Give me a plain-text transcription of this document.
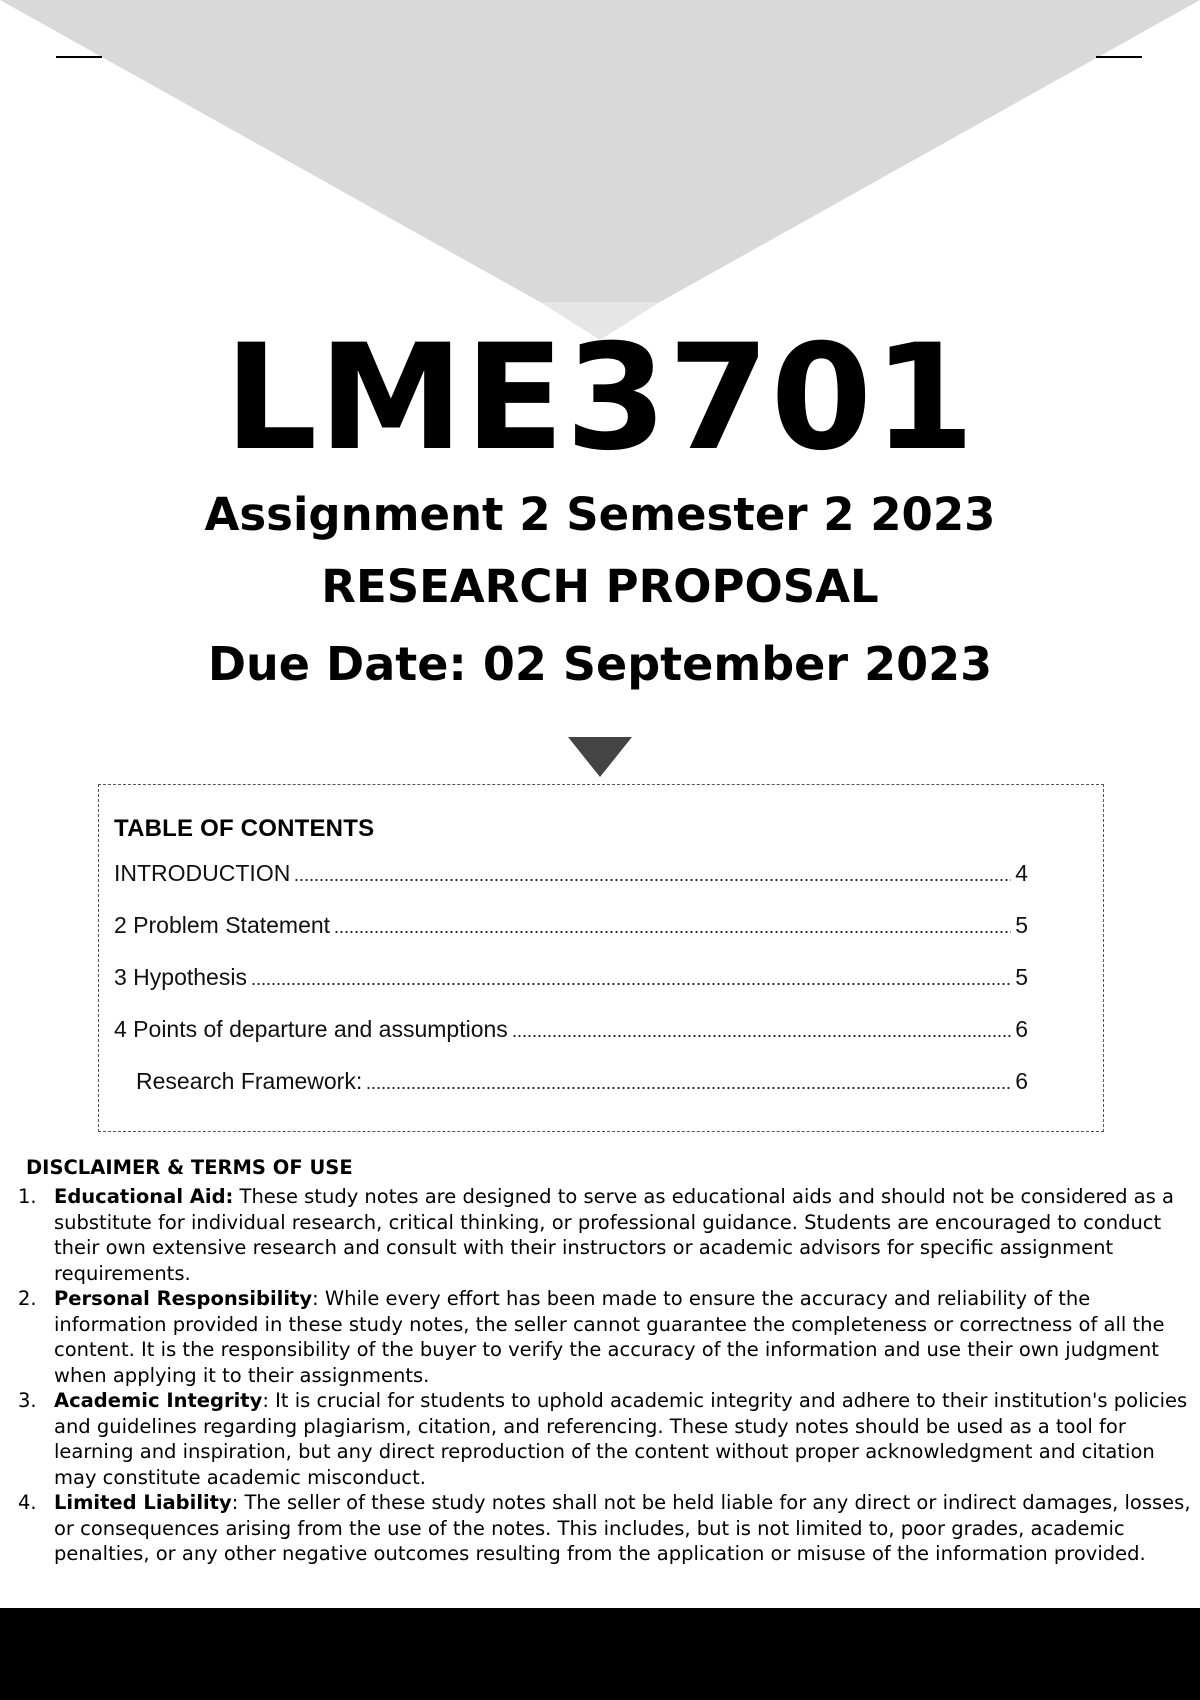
LME3701
Assignment 2 Semester 2 2023
RESEARCH PROPOSAL
Due Date: 02 September 2023
TABLE OF CONTENTS
INTRODUCTION	4
2 Problem Statement	5
3 Hypothesis	5
4 Points of departure and assumptions	6
Research Framework:	6
DISCLAIMER & TERMS OF USE
1. Educational Aid: These study notes are designed to serve as educational aids and should not be considered as a substitute for individual research, critical thinking, or professional guidance. Students are encouraged to conduct their own extensive research and consult with their instructors or academic advisors for specific assignment requirements.
2. Personal Responsibility: While every effort has been made to ensure the accuracy and reliability of the information provided in these study notes, the seller cannot guarantee the completeness or correctness of all the content. It is the responsibility of the buyer to verify the accuracy of the information and use their own judgment when applying it to their assignments.
3. Academic Integrity: It is crucial for students to uphold academic integrity and adhere to their institution's policies and guidelines regarding plagiarism, citation, and referencing. These study notes should be used as a tool for learning and inspiration, but any direct reproduction of the content without proper acknowledgment and citation may constitute academic misconduct.
4. Limited Liability: The seller of these study notes shall not be held liable for any direct or indirect damages, losses, or consequences arising from the use of the notes. This includes, but is not limited to, poor grades, academic penalties, or any other negative outcomes resulting from the application or misuse of the information provided.
